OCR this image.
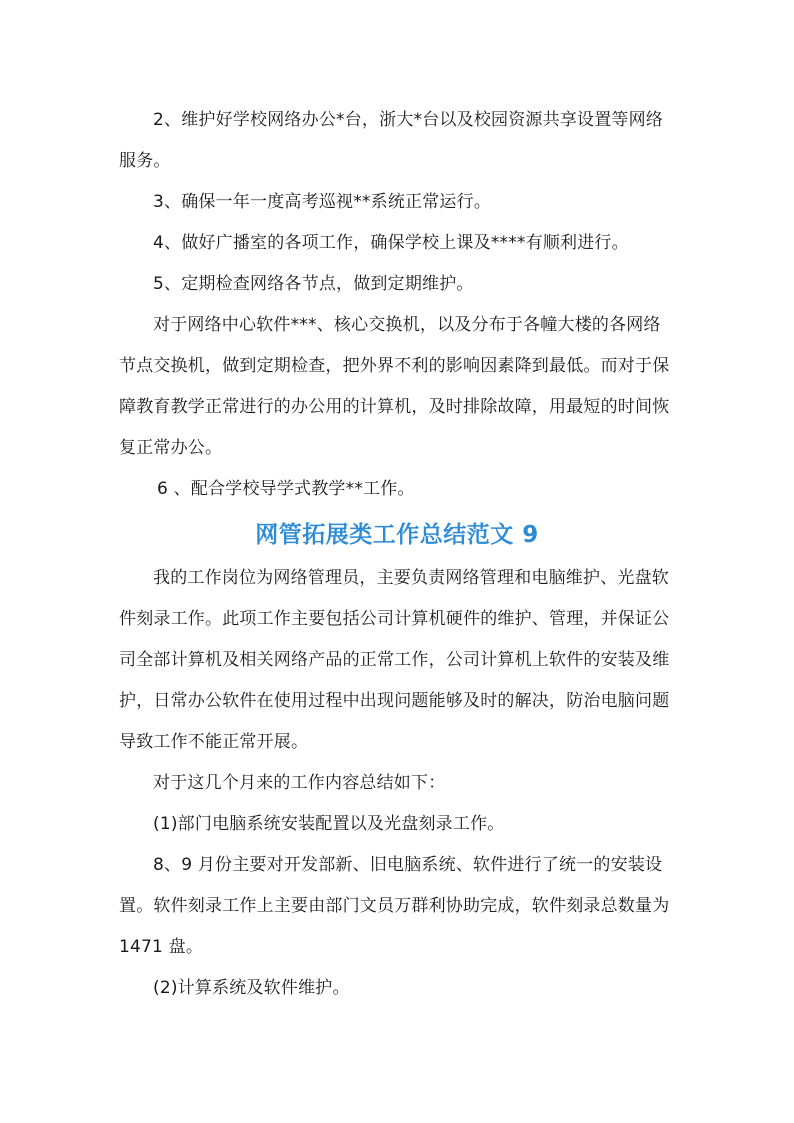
2、维护好学校网络办公*台，浙大*台以及校园资源共享设置等网络服务。

3、确保一年一度高考巡视**系统正常运行。

4、做好广播室的各项工作，确保学校上课及****有顺利进行。

5、定期检查网络各节点，做到定期维护。

对于网络中心软件***、核心交换机，以及分布于各幢大楼的各网络节点交换机，做到定期检查，把外界不利的影响因素降到最低。而对于保障教育教学正常进行的办公用的计算机，及时排除故障，用最短的时间恢复正常办公。

6 、配合学校导学式教学**工作。

网管拓展类工作总结范文 9

我的工作岗位为网络管理员，主要负责网络管理和电脑维护、光盘软件刻录工作。此项工作主要包括公司计算机硬件的维护、管理，并保证公司全部计算机及相关网络产品的正常工作，公司计算机上软件的安装及维护，日常办公软件在使用过程中出现问题能够及时的解决，防治电脑问题导致工作不能正常开展。

对于这几个月来的工作内容总结如下：

(1)部门电脑系统安装配置以及光盘刻录工作。

8、9 月份主要对开发部新、旧电脑系统、软件进行了统一的安装设置。软件刻录工作上主要由部门文员万群利协助完成，软件刻录总数量为 1471 盘。

(2)计算系统及软件维护。
